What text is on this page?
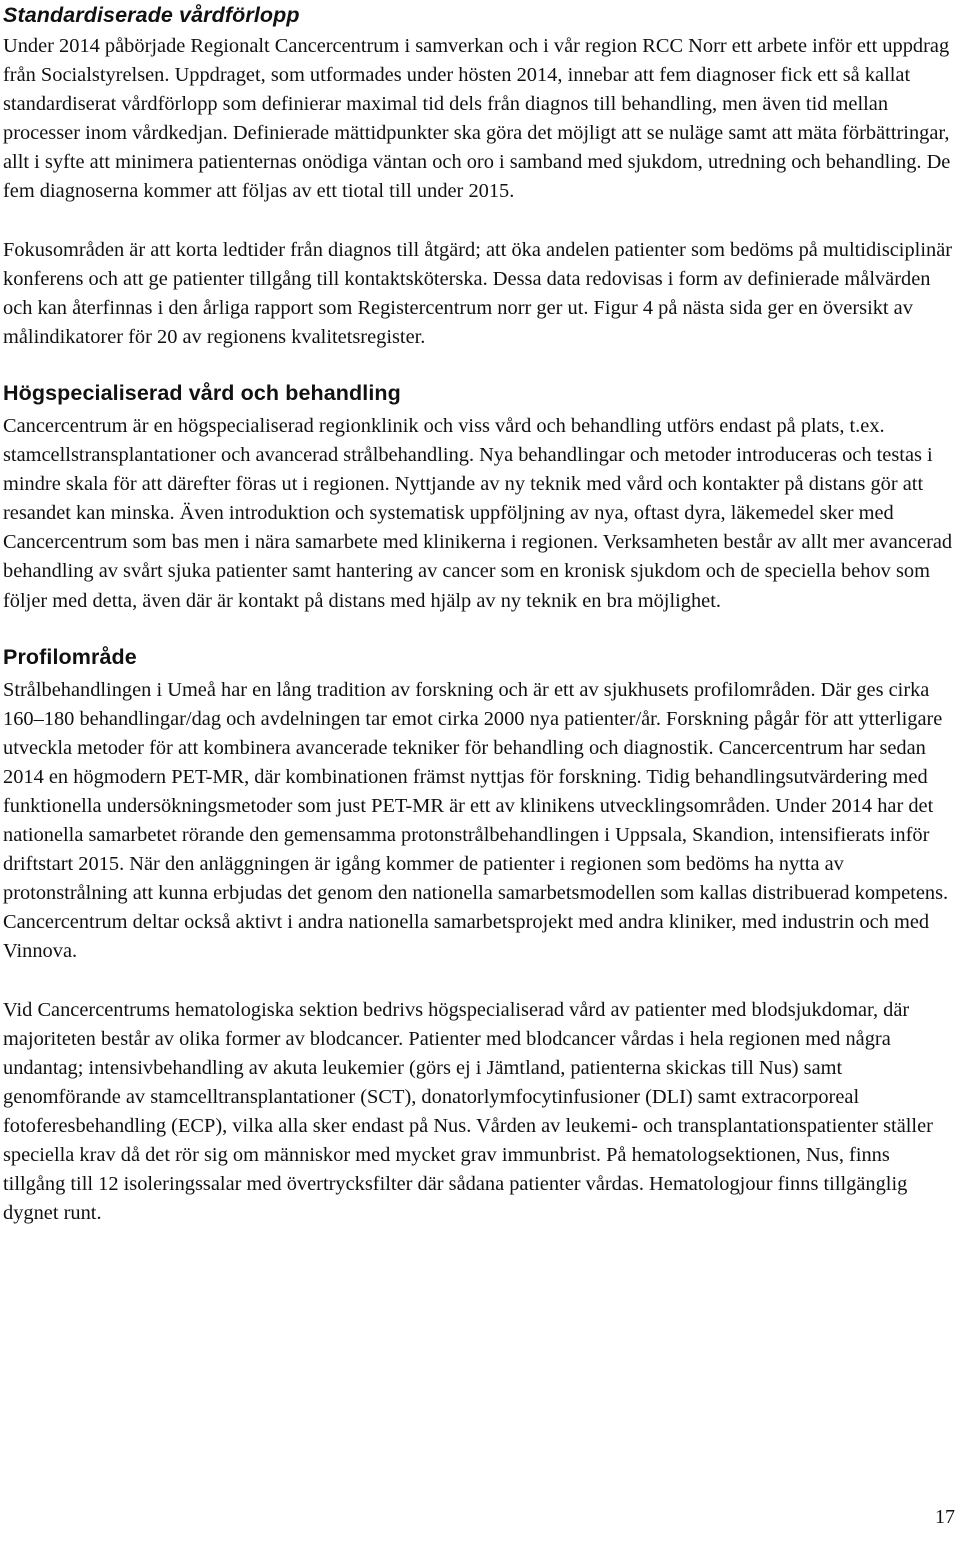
Standardiserade vårdförlopp

Under 2014 påbörjade Regionalt Cancercentrum i samverkan och i vår region RCC Norr ett arbete inför ett uppdrag från Socialstyrelsen. Uppdraget, som utformades under hösten 2014, innebar att fem diagnoser fick ett så kallat standardiserat vårdförlopp som definierar maximal tid dels från diagnos till behandling, men även tid mellan processer inom vårdkedjan. Definierade mättidpunkter ska göra det möjligt att se nuläge samt att mäta förbättringar, allt i syfte att minimera patienternas onödiga väntan och oro i samband med sjukdom, utredning och behandling. De fem diagnoserna kommer att följas av ett tiotal till under 2015.

Fokusområden är att korta ledtider från diagnos till åtgärd; att öka andelen patienter som bedöms på multidisciplinär konferens och att ge patienter tillgång till kontaktsköterska. Dessa data redovisas i form av definierade målvärden och kan återfinnas i den årliga rapport som Registercentrum norr ger ut. Figur 4 på nästa sida ger en översikt av målindikatorer för 20 av regionens kvalitetsregister.

Högspecialiserad vård och behandling

Cancercentrum är en högspecialiserad regionklinik och viss vård och behandling utförs endast på plats, t.ex. stamcellstransplantationer och avancerad strålbehandling. Nya behandlingar och metoder introduceras och testas i mindre skala för att därefter föras ut i regionen. Nyttjande av ny teknik med vård och kontakter på distans gör att resandet kan minska. Även introduktion och systematisk uppföljning av nya, oftast dyra, läkemedel sker med Cancercentrum som bas men i nära samarbete med klinikerna i regionen. Verksamheten består av allt mer avancerad behandling av svårt sjuka patienter samt hantering av cancer som en kronisk sjukdom och de speciella behov som följer med detta, även där är kontakt på distans med hjälp av ny teknik en bra möjlighet.

Profilområde

Strålbehandlingen i Umeå har en lång tradition av forskning och är ett av sjukhusets profilområden. Där ges cirka 160–180 behandlingar/dag och avdelningen tar emot cirka 2000 nya patienter/år. Forskning pågår för att ytterligare utveckla metoder för att kombinera avancerade tekniker för behandling och diagnostik. Cancercentrum har sedan 2014 en högmodern PET-MR, där kombinationen främst nyttjas för forskning. Tidig behandlingsutvärdering med funktionella undersökningsmetoder som just PET-MR är ett av klinikens utvecklingsområden. Under 2014 har det nationella samarbetet rörande den gemensamma protonstrålbehandlingen i Uppsala, Skandion, intensifierats inför driftstart 2015. När den anläggningen är igång kommer de patienter i regionen som bedöms ha nytta av protonstrålning att kunna erbjudas det genom den nationella samarbetsmodellen som kallas distribuerad kompetens. Cancercentrum deltar också aktivt i andra nationella samarbetsprojekt med andra kliniker, med industrin och med Vinnova.

Vid Cancercentrums hematologiska sektion bedrivs högspecialiserad vård av patienter med blodsjukdomar, där majoriteten består av olika former av blodcancer. Patienter med blodcancer vårdas i hela regionen med några undantag; intensivbehandling av akuta leukemier (görs ej i Jämtland, patienterna skickas till Nus) samt genomförande av stamcelltransplantationer (SCT), donatorlymfocytinfusioner (DLI) samt extracorporeal fotoferesbehandling (ECP), vilka alla sker endast på Nus. Vården av leukemi- och transplantationspatienter ställer speciella krav då det rör sig om människor med mycket grav immunbrist. På hematologsektionen, Nus, finns tillgång till 12 isoleringssalar med övertrycksfilter där sådana patienter vårdas. Hematologjour finns tillgänglig dygnet runt.

17
